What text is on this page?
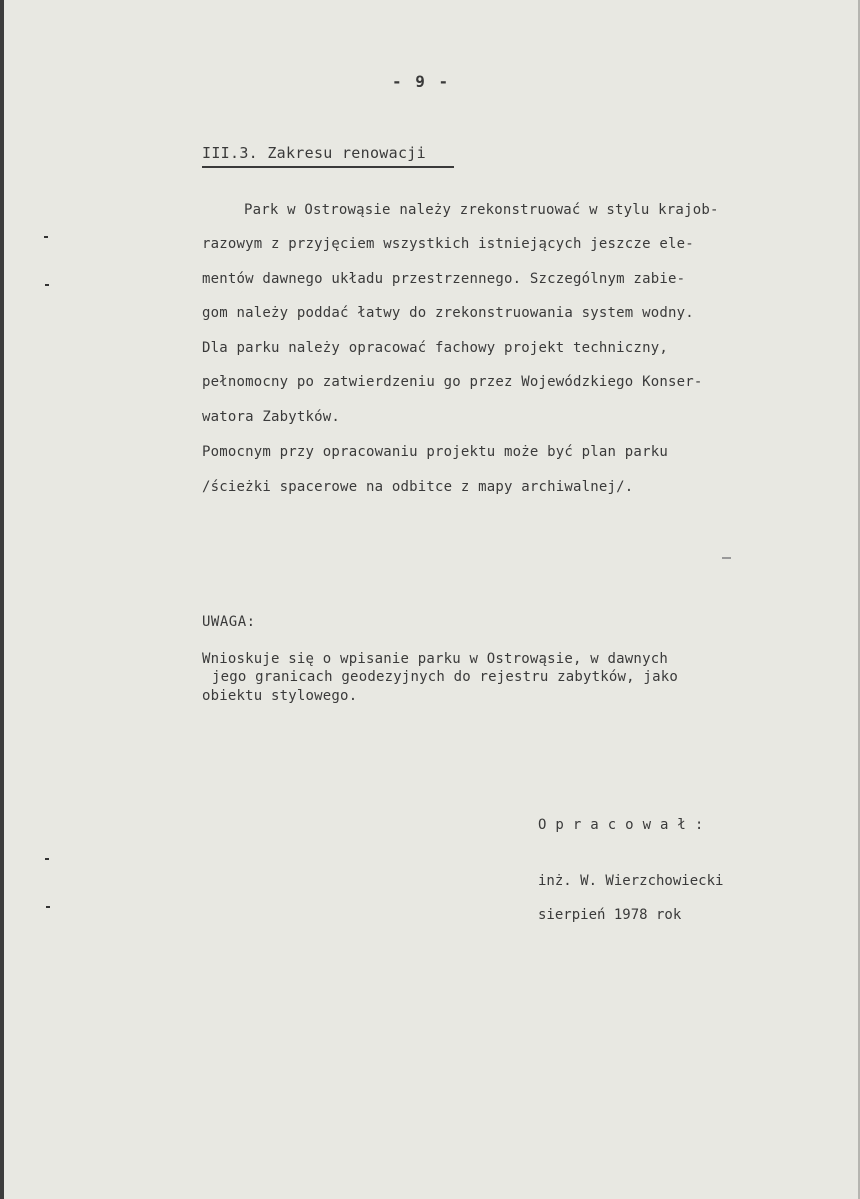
- 9 -
III.3. Zakresu renowacji
Park w Ostrowąsie należy zrekonstruować w stylu krajob-
razowym z przyjęciem wszystkich istniejących jeszcze ele-
mentów dawnego układu przestrzennego. Szczególnym zabie-
gom należy poddać łatwy do zrekonstruowania system wodny.
Dla parku należy opracować fachowy projekt techniczny,
pełnomocny po zatwierdzeniu go przez Wojewódzkiego Konser-
watora Zabytków.
Pomocnym przy opracowaniu projektu może być plan parku
/ścieżki spacerowe na odbitce z mapy archiwalnej/.
UWAGA:
Wnioskuje się o wpisanie parku w Ostrowąsie, w dawnych
jego granicach geodezyjnych do rejestru zabytków, jako
obiektu stylowego.
Opracował:
inż. W. Wierzchowiecki
sierpień 1978 rok
